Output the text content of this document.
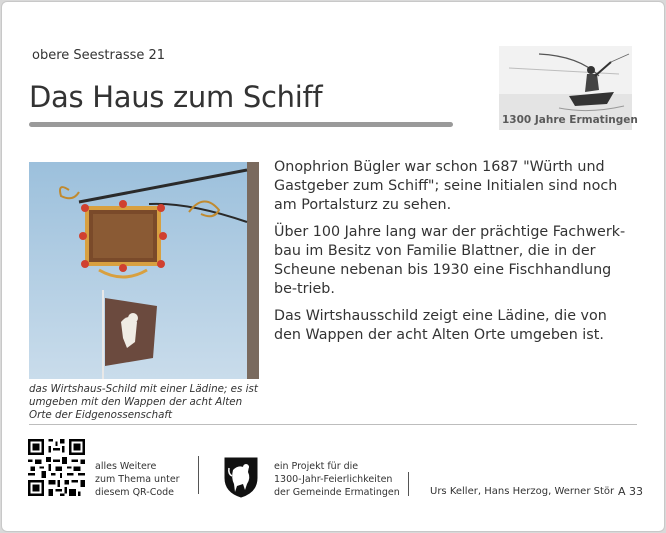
obere Seestrasse 21
Das Haus zum Schiff
1300 Jahre Ermatingen
das Wirtshaus-Schild mit einer Lädine; es ist umgeben mit den Wappen der acht Alten Orte der Eidgenossenschaft

Onophrion Bügler war schon 1687 "Würth und Gastgeber zum Schiff"; seine Initialen sind noch am Portalsturz zu sehen.

Über 100 Jahre lang war der prächtige Fachwerk-bau im Besitz von Familie Blattner, die in der Scheune nebenan bis 1930 eine Fischhandlung be-trieb.

Das Wirtshausschild zeigt eine Lädine, die von den Wappen der acht Alten Orte umgeben ist.

alles Weitere
zum Thema unter
diesem QR-Code
ein Projekt für die
1300-Jahr-Feierlichkeiten
der Gemeinde Ermatingen	Urs Keller, Hans Herzog, Werner Stör A 33
